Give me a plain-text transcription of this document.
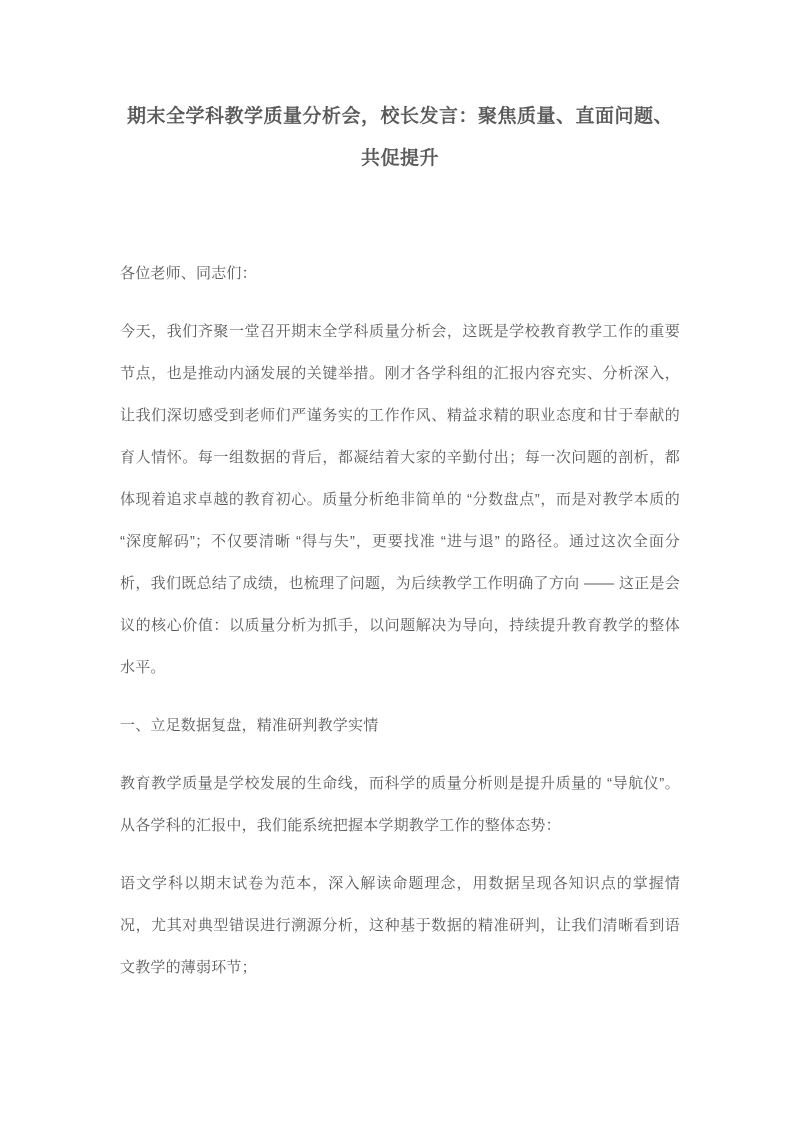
期末全学科教学质量分析会，校长发言：聚焦质量、直面问题、共促提升

各位老师、同志们：

今天，我们齐聚一堂召开期末全学科质量分析会，这既是学校教育教学工作的重要节点，也是推动内涵发展的关键举措。刚才各学科组的汇报内容充实、分析深入，让我们深切感受到老师们严谨务实的工作作风、精益求精的职业态度和甘于奉献的育人情怀。每一组数据的背后，都凝结着大家的辛勤付出；每一次问题的剖析，都体现着追求卓越的教育初心。质量分析绝非简单的 “分数盘点”，而是对教学本质的 “深度解码”；不仅要清晰 “得与失”，更要找准 “进与退” 的路径。通过这次全面分析，我们既总结了成绩，也梳理了问题，为后续教学工作明确了方向 —— 这正是会议的核心价值：以质量分析为抓手，以问题解决为导向，持续提升教育教学的整体水平。

一、立足数据复盘，精准研判教学实情

教育教学质量是学校发展的生命线，而科学的质量分析则是提升质量的 “导航仪”。从各学科的汇报中，我们能系统把握本学期教学工作的整体态势：

语文学科以期末试卷为范本，深入解读命题理念，用数据呈现各知识点的掌握情况，尤其对典型错误进行溯源分析，这种基于数据的精准研判，让我们清晰看到语文教学的薄弱环节；
